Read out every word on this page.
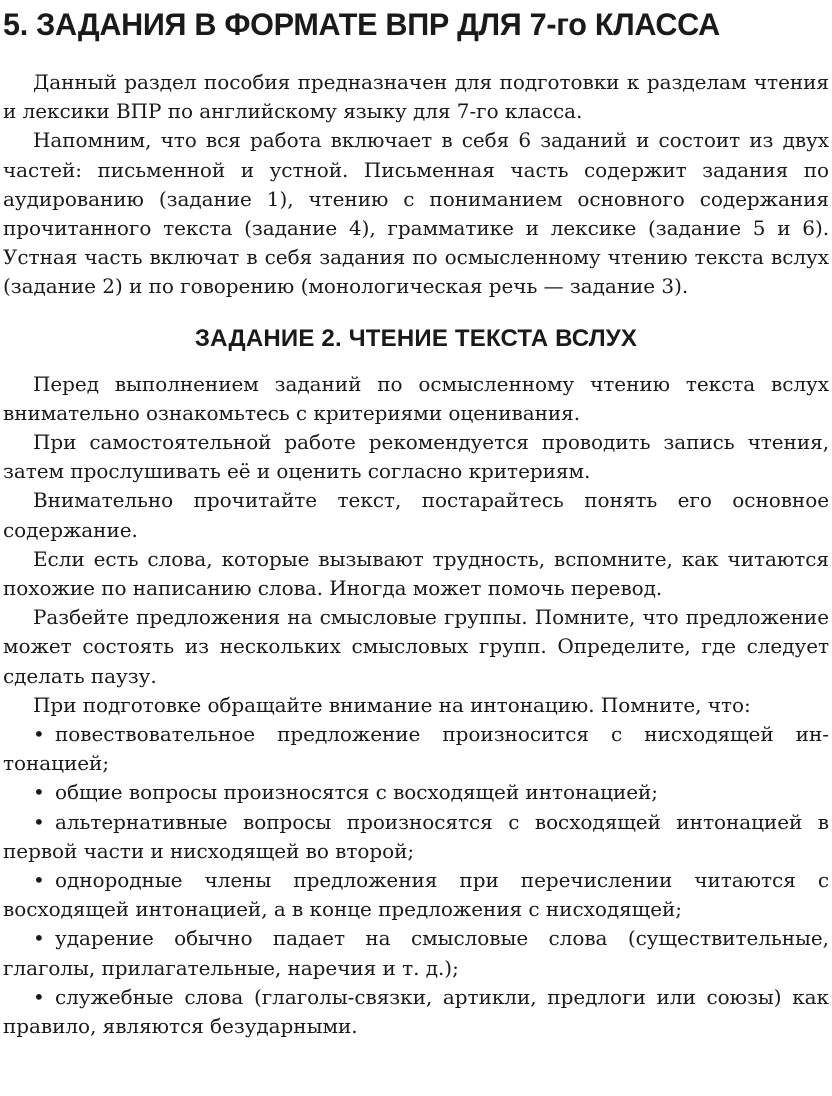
5. ЗАДАНИЯ В ФОРМАТЕ ВПР ДЛЯ 7-го КЛАССА

Данный раздел пособия предназначен для подготовки к разделам чтения и лексики ВПР по английскому языку для 7-го класса.

Напомним, что вся работа включает в себя 6 заданий и состоит из двух частей: письменной и устной. Письменная часть содержит задания по аудированию (задание 1), чтению с пониманием основного содержания прочитанного текста (задание 4), грамматике и лексике (задание 5 и 6). Устная часть включат в себя задания по осмысленному чтению текста вслух (задание 2) и по говорению (монологическая речь — задание 3).

ЗАДАНИЕ 2. ЧТЕНИЕ ТЕКСТА ВСЛУХ

Перед выполнением заданий по осмысленному чтению текста вслух внимательно ознакомьтесь с критериями оценивания.

При самостоятельной работе рекомендуется проводить запись чтения, затем прослушивать её и оценить согласно критериям.

Внимательно прочитайте текст, постарайтесь понять его основное содержание.

Если есть слова, которые вызывают трудность, вспомните, как читаются похожие по написанию слова. Иногда может помочь перевод.

Разбейте предложения на смысловые группы. Помните, что предложение может состоять из нескольких смысловых групп. Определите, где следует сделать паузу.

При подготовке обращайте внимание на интонацию. Помните, что:

• повествовательное предложение произносится с нисходящей интонацией;
• общие вопросы произносятся с восходящей интонацией;
• альтернативные вопросы произносятся с восходящей интонацией в первой части и нисходящей во второй;
• однородные члены предложения при перечислении читаются с восходящей интонацией, а в конце предложения с нисходящей;
• ударение обычно падает на смысловые слова (существительные, глаголы, прилагательные, наречия и т. д.);
• служебные слова (глаголы-связки, артикли, предлоги или союзы) как правило, являются безударными.
